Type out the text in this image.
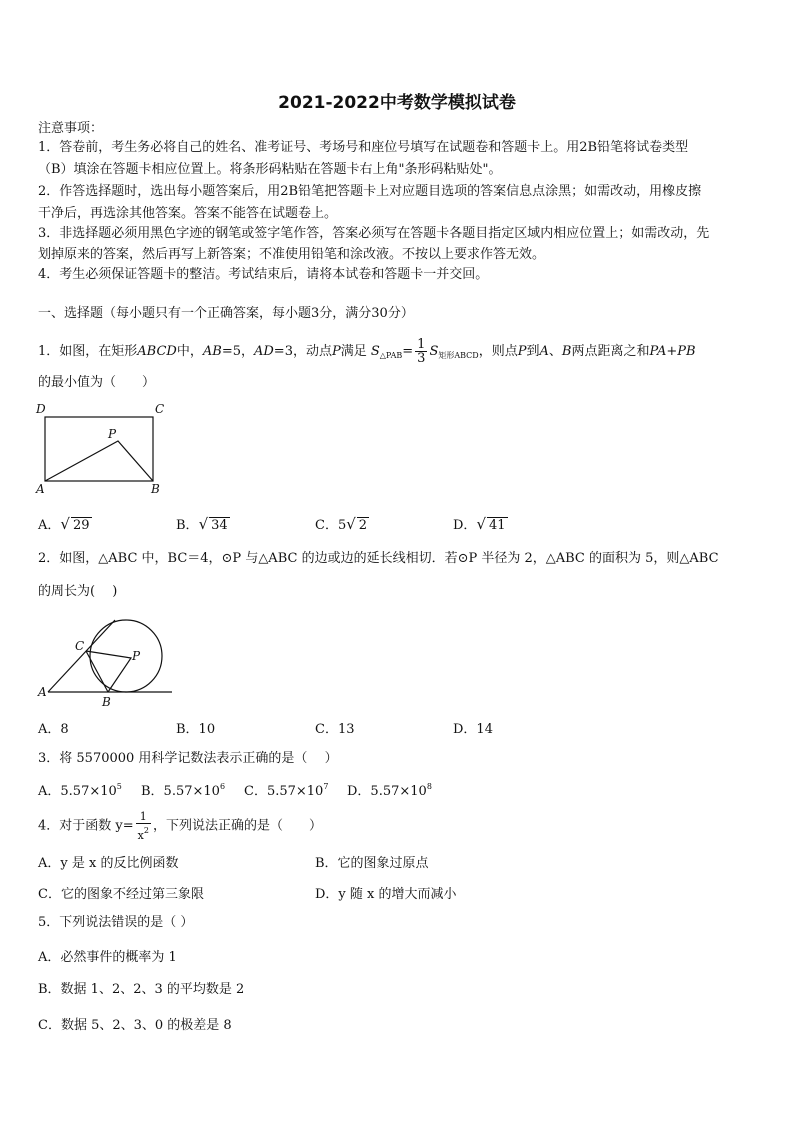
2021-2022中考数学模拟试卷
注意事项：
1．答卷前，考生务必将自己的姓名、准考证号、考场号和座位号填写在试题卷和答题卡上。用2B铅笔将试卷类型
（B）填涂在答题卡相应位置上。将条形码粘贴在答题卡右上角"条形码粘贴处"。
2．作答选择题时，选出每小题答案后，用2B铅笔把答题卡上对应题目选项的答案信息点涂黑；如需改动，用橡皮擦
干净后，再选涂其他答案。答案不能答在试题卷上。
3．非选择题必须用黑色字迹的钢笔或签字笔作答，答案必须写在答题卡各题目指定区域内相应位置上；如需改动，先
划掉原来的答案，然后再写上新答案；不准使用铅笔和涂改液。不按以上要求作答无效。
4．考生必须保证答题卡的整洁。考试结束后，请将本试卷和答题卡一并交回。
一、选择题（每小题只有一个正确答案，每小题3分，满分30分）
1．如图，在矩形ABCD中，AB=5，AD=3，动点P满足 $S_{\triangle PAB}= \frac{1}{3} S_{矩形ABCD}$，则点P到A、B两点距离之和PA+PB
的最小值为（　　）
D	C
P
A	B
A．√ 29	B．√ 34	C．5√ 2	D．√ 41
2．如图，△ABC 中，BC＝4，⊙P 与△ABC 的边或边的延长线相切．若⊙P 半径为 2，△ABC 的面积为 5，则△ABC
的周长为(　 )
C
P
A
B
A．8	B．10	C．13	D．14
3．将 5570000 用科学记数法表示正确的是（　 ）
A．$5.57\times 10^5$ B．$5.57\times 10^6$ C．$5.57\times 10^7$ D．$5.57\times 10^8$
4．对于函数 $y= \frac{1}{x^2}$ ，下列说法正确的是（　　）
A．y 是 x 的反比例函数	B．它的图象过原点
C．它的图象不经过第三象限	D．y 随 x 的增大而减小
5．下列说法错误的是（ ）
A．必然事件的概率为 1
B．数据 1、2、2、3 的平均数是 2
C．数据 5、2、3、0 的极差是 8
